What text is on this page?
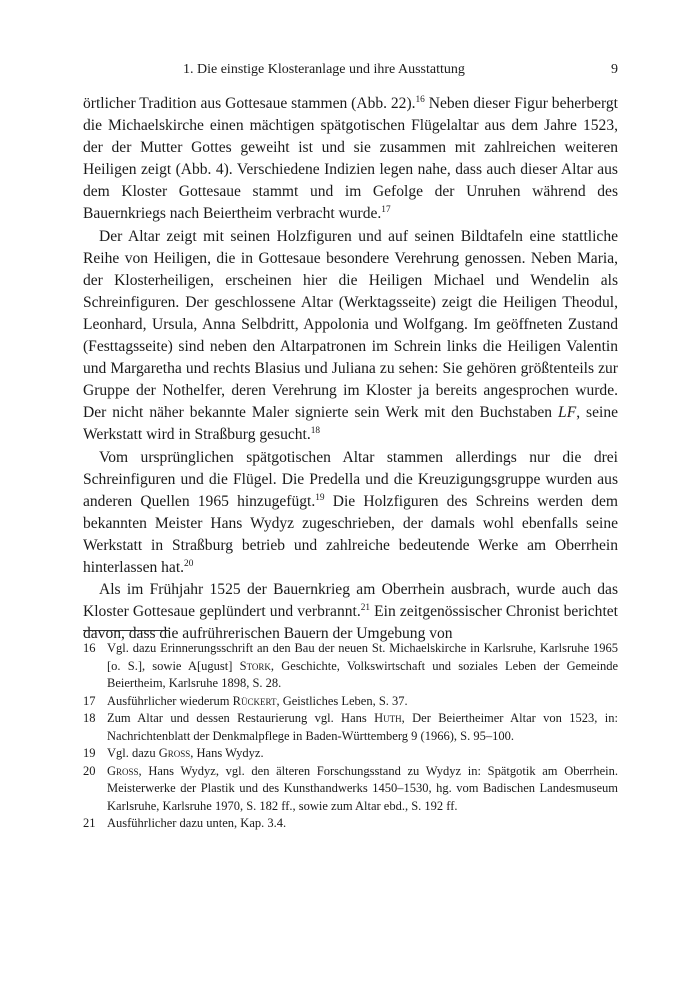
1. Die einstige Klosteranlage und ihre Ausstattung	9

örtlicher Tradition aus Gottesaue stammen (Abb. 22).$^{16}$ Neben dieser Figur beherbergt die Michaelskirche einen mächtigen spätgotischen Flügelaltar aus dem Jahre 1523, der der Mutter Gottes geweiht ist und sie zusammen mit zahlreichen weiteren Heiligen zeigt (Abb. 4). Verschiedene Indizien legen nahe, dass auch dieser Altar aus dem Kloster Gottesaue stammt und im Gefolge der Unruhen während des Bauernkriegs nach Beiertheim verbracht wurde.$^{17}$

Der Altar zeigt mit seinen Holzfiguren und auf seinen Bildtafeln eine stattliche Reihe von Heiligen, die in Gottesaue besondere Verehrung genossen. Neben Maria, der Klosterheiligen, erscheinen hier die Heiligen Michael und Wendelin als Schreinfiguren. Der geschlossene Altar (Werktagsseite) zeigt die Heiligen Theodul, Leonhard, Ursula, Anna Selbdritt, Appolonia und Wolfgang. Im geöffneten Zustand (Festtagsseite) sind neben den Altarpatronen im Schrein links die Heiligen Valentin und Margaretha und rechts Blasius und Juliana zu sehen: Sie gehören größtenteils zur Gruppe der Nothelfer, deren Verehrung im Kloster ja bereits angesprochen wurde. Der nicht näher bekannte Maler signierte sein Werk mit den Buchstaben LF, seine Werkstatt wird in Straßburg gesucht.$^{18}$

Vom ursprünglichen spätgotischen Altar stammen allerdings nur die drei Schreinfiguren und die Flügel. Die Predella und die Kreuzigungsgruppe wurden aus anderen Quellen 1965 hinzugefügt.$^{19}$ Die Holzfiguren des Schreins werden dem bekannten Meister Hans Wydyz zugeschrieben, der damals wohl ebenfalls seine Werkstatt in Straßburg betrieb und zahlreiche bedeutende Werke am Oberrhein hinterlassen hat.$^{20}$

Als im Frühjahr 1525 der Bauernkrieg am Oberrhein ausbrach, wurde auch das Kloster Gottesaue geplündert und verbrannt.$^{21}$ Ein zeitgenössischer Chronist berichtet davon, dass die aufrührerischen Bauern der Umgebung von

16 Vgl. dazu Erinnerungsschrift an den Bau der neuen St. Michaelskirche in Karlsruhe, Karlsruhe 1965 [o. S.], sowie A[ugust] Stork, Geschichte, Volkswirtschaft und soziales Leben der Gemeinde Beiertheim, Karlsruhe 1898, S. 28.
17 Ausführlicher wiederum Rückert, Geistliches Leben, S. 37.
18 Zum Altar und dessen Restaurierung vgl. Hans Huth, Der Beiertheimer Altar von 1523, in: Nachrichtenblatt der Denkmalpflege in Baden-Württemberg 9 (1966), S. 95–100.
19 Vgl. dazu Gross, Hans Wydyz.
20 Gross, Hans Wydyz, vgl. den älteren Forschungsstand zu Wydyz in: Spätgotik am Oberrhein. Meisterwerke der Plastik und des Kunsthandwerks 1450–1530, hg. vom Badischen Landesmuseum Karlsruhe, Karlsruhe 1970, S. 182 ff., sowie zum Altar ebd., S. 192 ff.
21 Ausführlicher dazu unten, Kap. 3.4.
